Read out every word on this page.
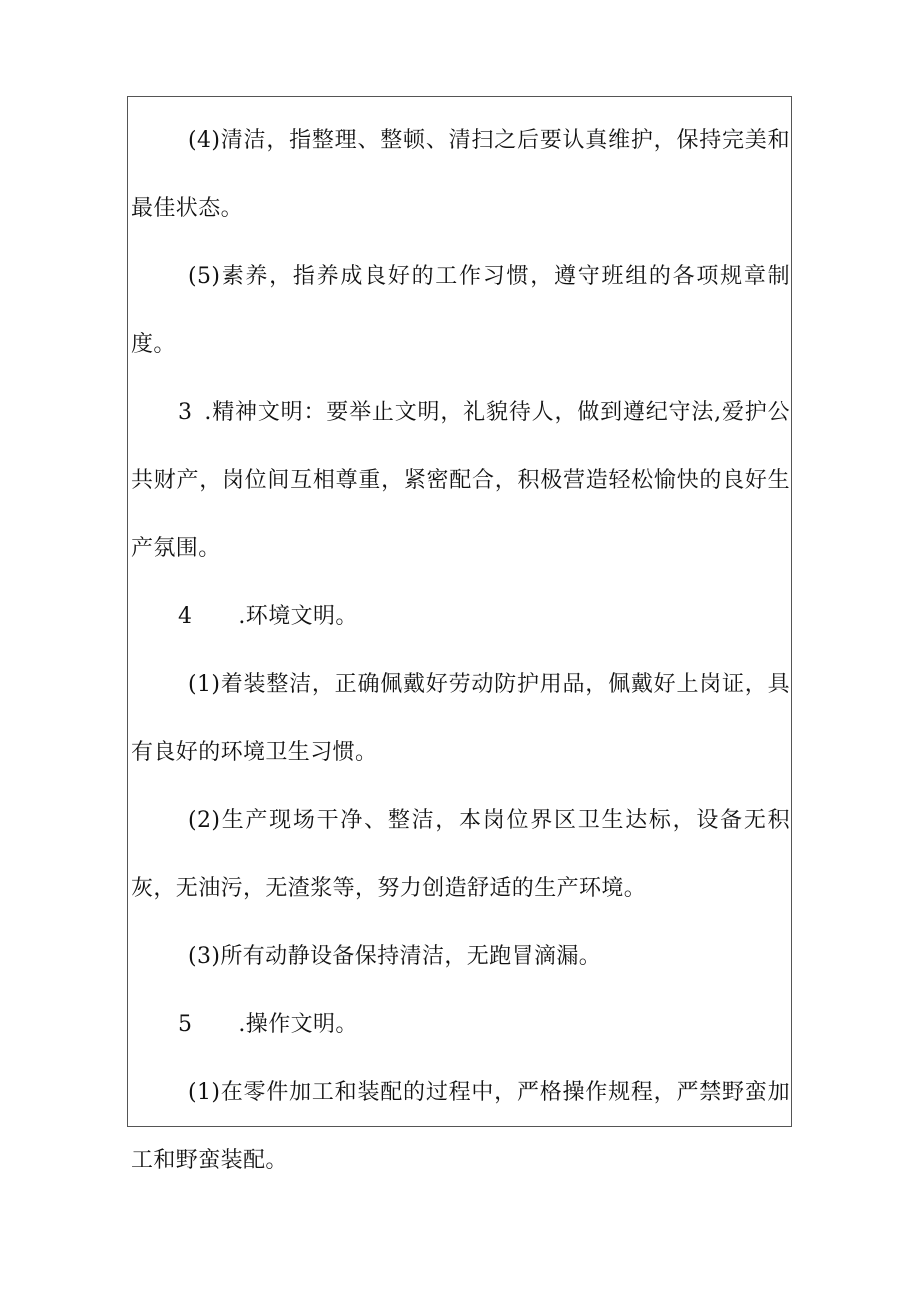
(4)清洁，指整理、整顿、清扫之后要认真维护，保持完美和最佳状态。

(5)素养，指养成良好的工作习惯，遵守班组的各项规章制度。

3 .精神文明：要举止文明，礼貌待人，做到遵纪守法,爱护公共财产，岗位间互相尊重，紧密配合，积极营造轻松愉快的良好生产氛围。

4 .环境文明。

(1)着装整洁，正确佩戴好劳动防护用品，佩戴好上岗证，具有良好的环境卫生习惯。

(2)生产现场干净、整洁，本岗位界区卫生达标，设备无积灰，无油污，无渣浆等，努力创造舒适的生产环境。

(3)所有动静设备保持清洁，无跑冒滴漏。

5 .操作文明。

(1)在零件加工和装配的过程中，严格操作规程，严禁野蛮加工和野蛮装配。
